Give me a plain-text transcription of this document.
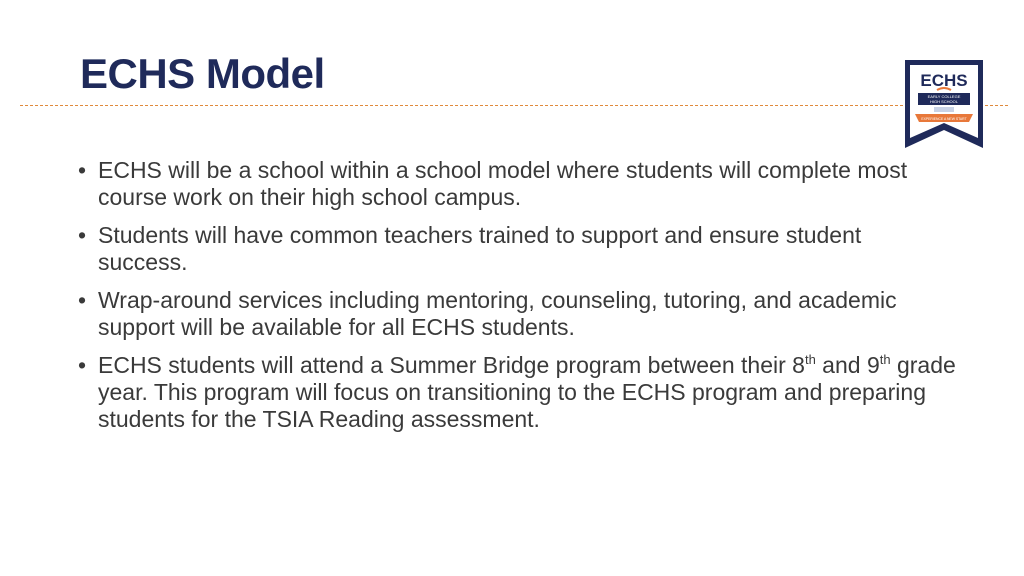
ECHS Model	ECHS
EARLY COLLEGE
HIGH SCHOOL
EXPERIENCE A NEW START
• ECHS will be a school within a school model where students will complete most course work on their high school campus.
• Students will have common teachers trained to support and ensure student success.
• Wrap-around services including mentoring, counseling, tutoring, and academic support will be available for all ECHS students.
• ECHS students will attend a Summer Bridge program between their 8th and 9th grade year. This program will focus on transitioning to the ECHS program and preparing students for the TSIA Reading assessment.
